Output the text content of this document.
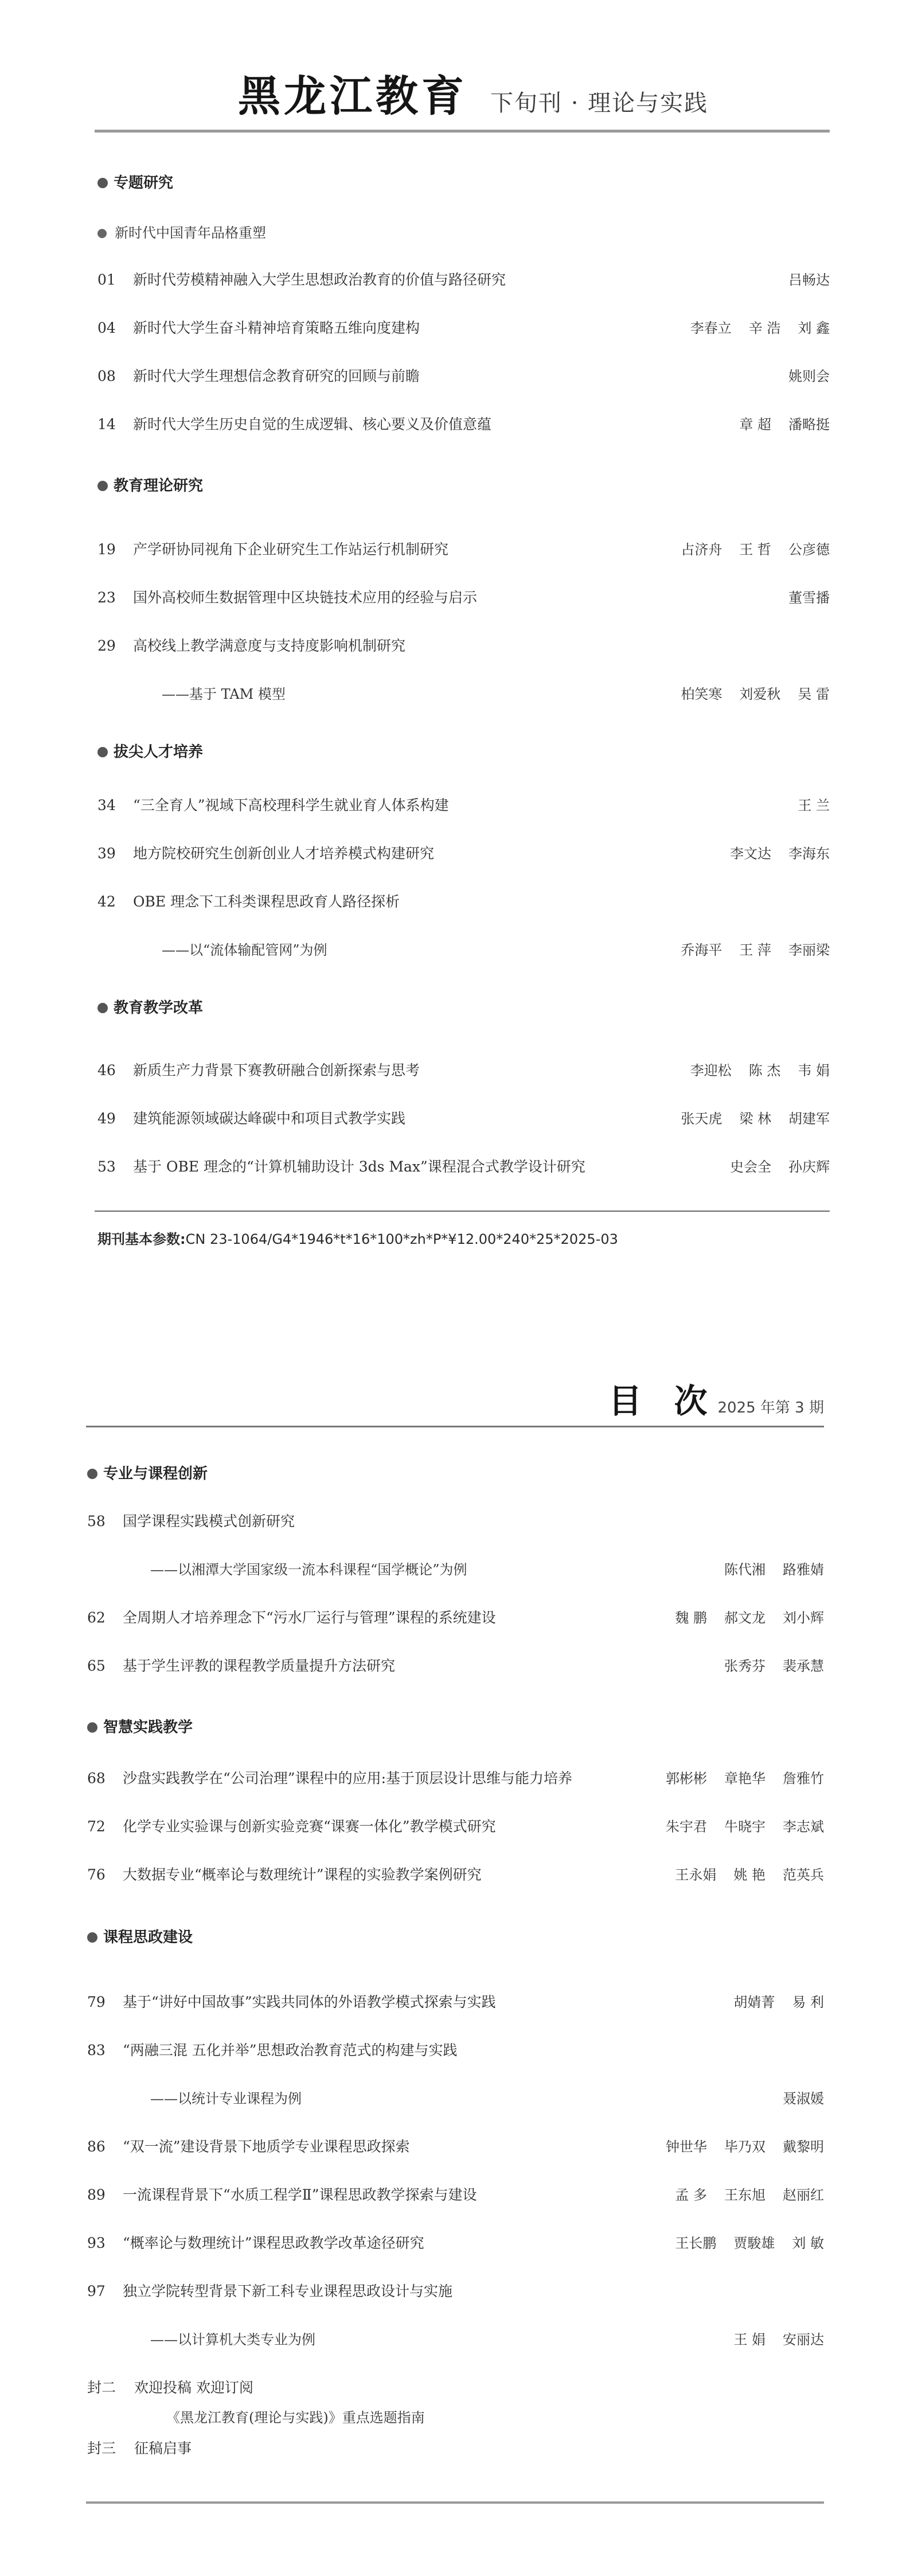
黑龙江教育 下旬刊 · 理论与实践
专题研究
新时代中国青年品格重塑
01 新时代劳模精神融入大学生思想政治教育的价值与路径研究	吕畅达
04 新时代大学生奋斗精神培育策略五维向度建构	李春立 辛 浩 刘 鑫
08 新时代大学生理想信念教育研究的回顾与前瞻	姚则会
14 新时代大学生历史自觉的生成逻辑、核心要义及价值意蕴	章 超 潘略挺
教育理论研究
19 产学研协同视角下企业研究生工作站运行机制研究	占济舟 王 哲 公彦德
23 国外高校师生数据管理中区块链技术应用的经验与启示	董雪播
29 高校线上教学满意度与支持度影响机制研究
——基于 TAM 模型	柏笑寒 刘爱秋 吴 雷
拔尖人才培养
34 “三全育人”视域下高校理科学生就业育人体系构建	王 兰
39 地方院校研究生创新创业人才培养模式构建研究	李文达 李海东
42 OBE 理念下工科类课程思政育人路径探析
——以“流体输配管网”为例	乔海平 王 萍 李丽梁
教育教学改革
46 新质生产力背景下赛教研融合创新探索与思考	李迎松 陈 杰 韦 娟
49 建筑能源领域碳达峰碳中和项目式教学实践	张天虎 梁 林 胡建军
53 基于 OBE 理念的“计算机辅助设计 3ds Max”课程混合式教学设计研究	史会全 孙庆辉
期刊基本参数:CN 23-1064/G4*1946*t*16*100*zh*P*¥12.00*240*25*2025-03
目 次2025 年第 3 期
专业与课程创新
58 国学课程实践模式创新研究
——以湘潭大学国家级一流本科课程“国学概论”为例	陈代湘 路雅婧
62 全周期人才培养理念下“污水厂运行与管理”课程的系统建设	魏 鹏 郝文龙 刘小辉
65 基于学生评教的课程教学质量提升方法研究	张秀芬 裴承慧
智慧实践教学
68 沙盘实践教学在“公司治理”课程中的应用:基于顶层设计思维与能力培养	郭彬彬 章艳华 詹雅竹
72 化学专业实验课与创新实验竞赛“课赛一体化”教学模式研究	朱宇君 牛晓宇 李志斌
76 大数据专业“概率论与数理统计”课程的实验教学案例研究	王永娟 姚 艳 范英兵
课程思政建设
79 基于“讲好中国故事”实践共同体的外语教学模式探索与实践	胡婧菁 易 利
83 “两融三混 五化并举”思想政治教育范式的构建与实践
——以统计专业课程为例	聂淑媛
86 “双一流”建设背景下地质学专业课程思政探索	钟世华 毕乃双 戴黎明
89 一流课程背景下“水质工程学Ⅱ”课程思政教学探索与建设	孟 多 王东旭 赵丽红
93 “概率论与数理统计”课程思政教学改革途径研究	王长鹏 贾駿雄 刘 敏
97 独立学院转型背景下新工科专业课程思政设计与实施
——以计算机大类专业为例	王 娟 安丽达
封二 欢迎投稿 欢迎订阅
《黑龙江教育(理论与实践)》重点选题指南
封三 征稿启事
